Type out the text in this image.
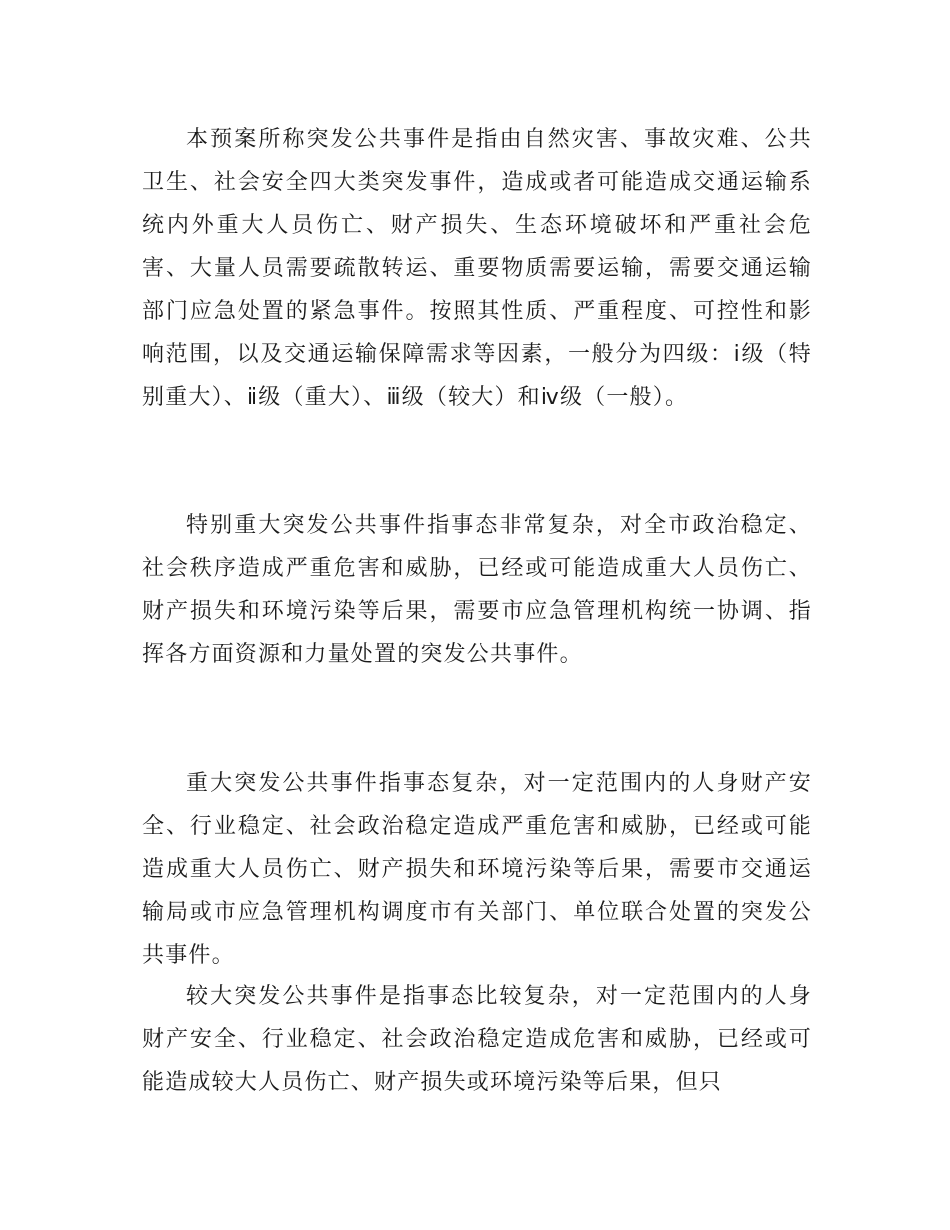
本预案所称突发公共事件是指由自然灾害、事故灾难、公共卫生、社会安全四大类突发事件，造成或者可能造成交通运输系统内外重大人员伤亡、财产损失、生态环境破坏和严重社会危害、大量人员需要疏散转运、重要物质需要运输，需要交通运输部门应急处置的紧急事件。按照其性质、严重程度、可控性和影响范围，以及交通运输保障需求等因素，一般分为四级：ⅰ级（特别重大）、ⅱ级（重大）、ⅲ级（较大）和ⅳ级（一般）。

特别重大突发公共事件指事态非常复杂，对全市政治稳定、社会秩序造成严重危害和威胁，已经或可能造成重大人员伤亡、财产损失和环境污染等后果，需要市应急管理机构统一协调、指挥各方面资源和力量处置的突发公共事件。

重大突发公共事件指事态复杂，对一定范围内的人身财产安全、行业稳定、社会政治稳定造成严重危害和威胁，已经或可能造成重大人员伤亡、财产损失和环境污染等后果，需要市交通运输局或市应急管理机构调度市有关部门、单位联合处置的突发公共事件。

较大突发公共事件是指事态比较复杂，对一定范围内的人身财产安全、行业稳定、社会政治稳定造成危害和威胁，已经或可能造成较大人员伤亡、财产损失或环境污染等后果，但只
